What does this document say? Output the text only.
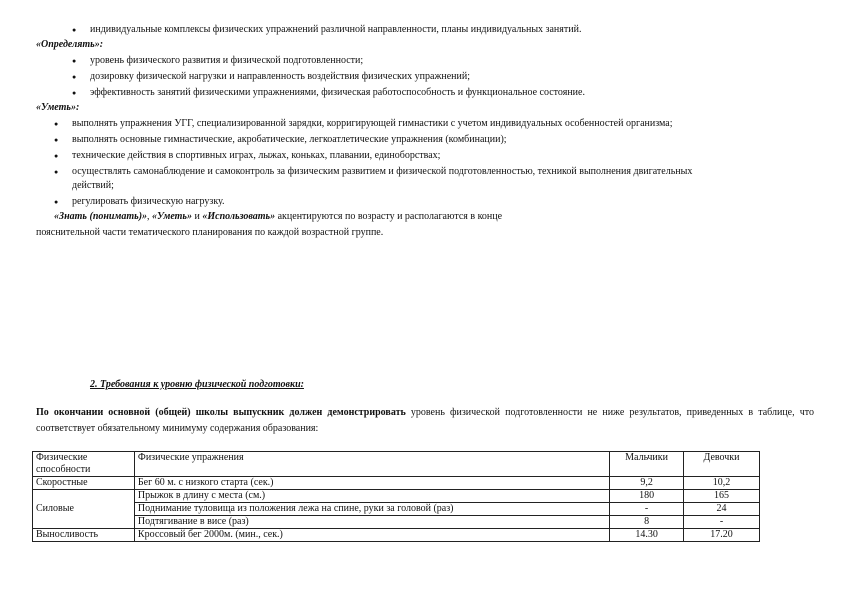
● индивидуальные комплексы физических упражнений различной направленности, планы индивидуальных занятий.
«Определять»:
● уровень физического развития и физической подготовленности;
● дозировку физической нагрузки и направленность воздействия физических упражнений;
● эффективность занятий физическими упражнениями, физическая работоспособность и функциональное состояние.
«Уметь»:
● выполнять упражнения УГГ, специализированной зарядки, корригирующей гимнастики с учетом индивидуальных особенностей организма;
● выполнять основные гимнастические, акробатические, легкоатлетические упражнения (комбинации);
● технические действия в спортивных играх, лыжах, коньках, плавании, единоборствах;
● осуществлять самонаблюдение и самоконтроль за физическим развитием и физической подготовленностью, техникой выполнения двигательных
действий;
● регулировать физическую нагрузку.
«Знать (понимать)», «Уметь» и «Использовать» акцентируются по возрасту и располагаются в конце
пояснительной части тематического планирования по каждой возрастной группе.
2. Требования к уровню физической подготовки:
По окончании основной (общей) школы выпускник должен демонстрировать уровень физической подготовленности не ниже результатов, приведенных в таблице, что соответствует обязательному минимуму содержания образования:
Физические способности	Физические упражнения	Мальчики	Девочки
Скоростные	Бег 60 м. с низкого старта (сек.)	9,2	10,2
Силовые	Прыжок в длину с места (см.)	180	165
	Поднимание туловища из положения лежа на спине, руки за головой (раз)	-	24
	Подтягивание в висе (раз)	8	-
Выносливость	Кроссовый бег 2000м. (мин., сек.)	14.30	17.20
